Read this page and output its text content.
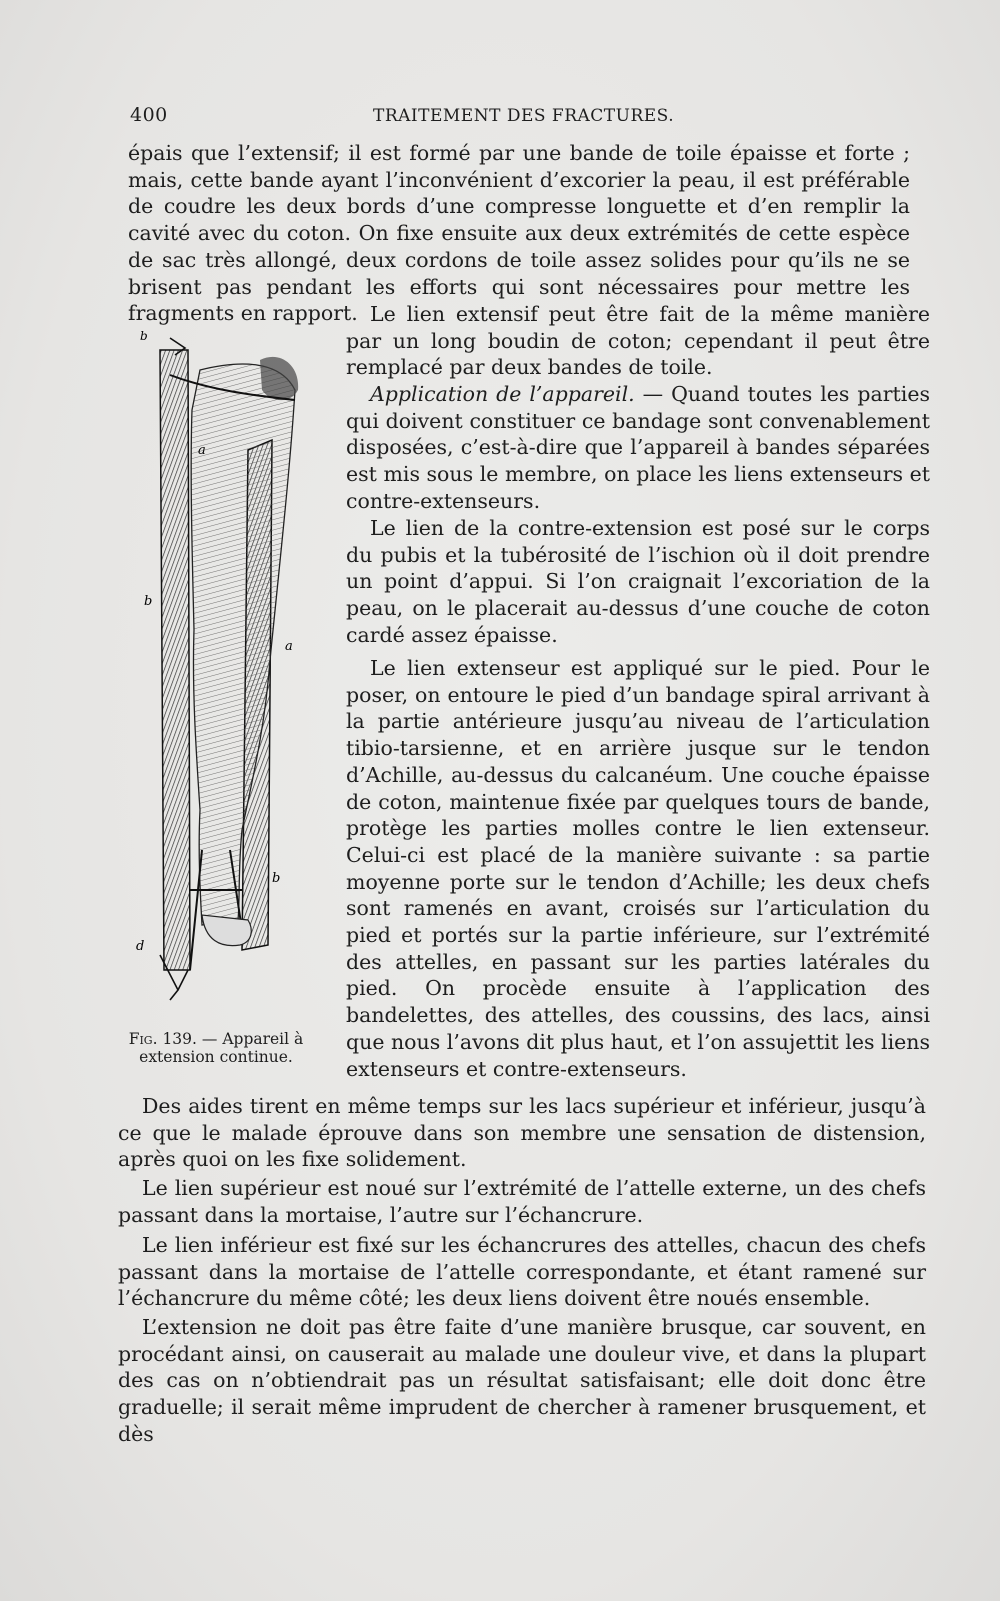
400	TRAITEMENT DES FRACTURES.

épais que l’extensif; il est formé par une bande de toile épaisse et forte ; mais, cette bande ayant l’inconvénient d’excorier la peau, il est préférable de coudre les deux bords d’une compresse longuette et d’en remplir la cavité avec du coton. On fixe ensuite aux deux extrémités de cette espèce de sac très allongé, deux cordons de toile assez solides pour qu’ils ne se brisent pas pendant les efforts qui sont nécessaires pour mettre les fragments en rapport.

b
a
b
a
b
d
Fig. 139. — Appareil à extension continue.

Le lien extensif peut être fait de la même manière par un long boudin de coton; cependant il peut être remplacé par deux bandes de toile.

Application de l’appareil. — Quand toutes les parties qui doivent constituer ce bandage sont convenablement disposées, c’est-à-dire que l’appareil à bandes séparées est mis sous le membre, on place les liens extenseurs et contre-extenseurs.

Le lien de la contre-extension est posé sur le corps du pubis et la tubérosité de l’ischion où il doit prendre un point d’appui. Si l’on craignait l’excoriation de la peau, on le placerait au-dessus d’une couche de coton cardé assez épaisse.

Le lien extenseur est appliqué sur le pied. Pour le poser, on entoure le pied d’un bandage spiral arrivant à la partie antérieure jusqu’au niveau de l’articulation tibio-tarsienne, et en arrière jusque sur le tendon d’Achille, au-dessus du calcanéum. Une couche épaisse de coton, maintenue fixée par quelques tours de bande, protège les parties molles contre le lien extenseur. Celui-ci est placé de la manière suivante : sa partie moyenne porte sur le tendon d’Achille; les deux chefs sont ramenés en avant, croisés sur l’articulation du pied et portés sur la partie inférieure, sur l’extrémité des attelles, en passant sur les parties latérales du pied. On procède ensuite à l’application des bandelettes, des attelles, des coussins, des lacs, ainsi que nous l’avons dit plus haut, et l’on assujettit les liens extenseurs et contre-extenseurs.

Des aides tirent en même temps sur les lacs supérieur et inférieur, jusqu’à ce que le malade éprouve dans son membre une sensation de distension, après quoi on les fixe solidement.

Le lien supérieur est noué sur l’extrémité de l’attelle externe, un des chefs passant dans la mortaise, l’autre sur l’échancrure.

Le lien inférieur est fixé sur les échancrures des attelles, chacun des chefs passant dans la mortaise de l’attelle correspondante, et étant ramené sur l’échancrure du même côté; les deux liens doivent être noués ensemble.

L’extension ne doit pas être faite d’une manière brusque, car souvent, en procédant ainsi, on causerait au malade une douleur vive, et dans la plupart des cas on n’obtiendrait pas un résultat satisfaisant; elle doit donc être graduelle; il serait même imprudent de chercher à ramener brusquement, et dès
